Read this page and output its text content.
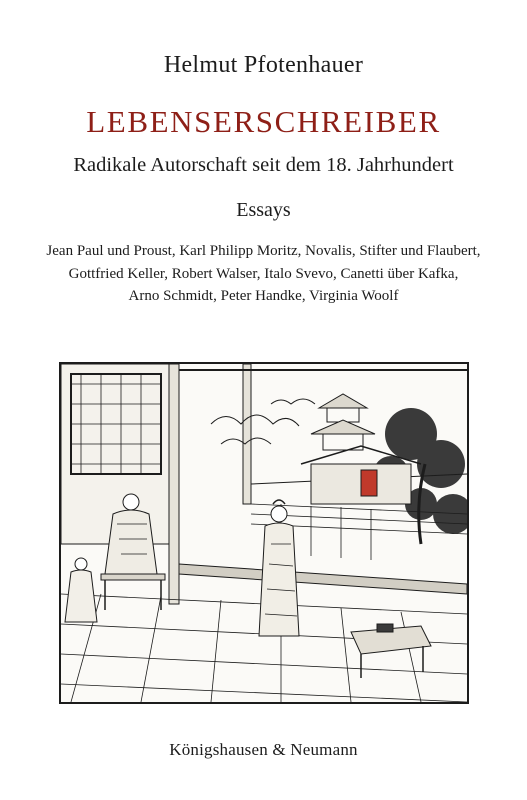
Helmut Pfotenhauer
LEBENSERSCHREIBER
Radikale Autorschaft seit dem 18. Jahrhundert
Essays
Jean Paul und Proust, Karl Philipp Moritz, Novalis, Stifter und Flaubert,
Gottfried Keller, Robert Walser, Italo Svevo, Canetti über Kafka,
Arno Schmidt, Peter Handke, Virginia Woolf
Königshausen & Neumann
